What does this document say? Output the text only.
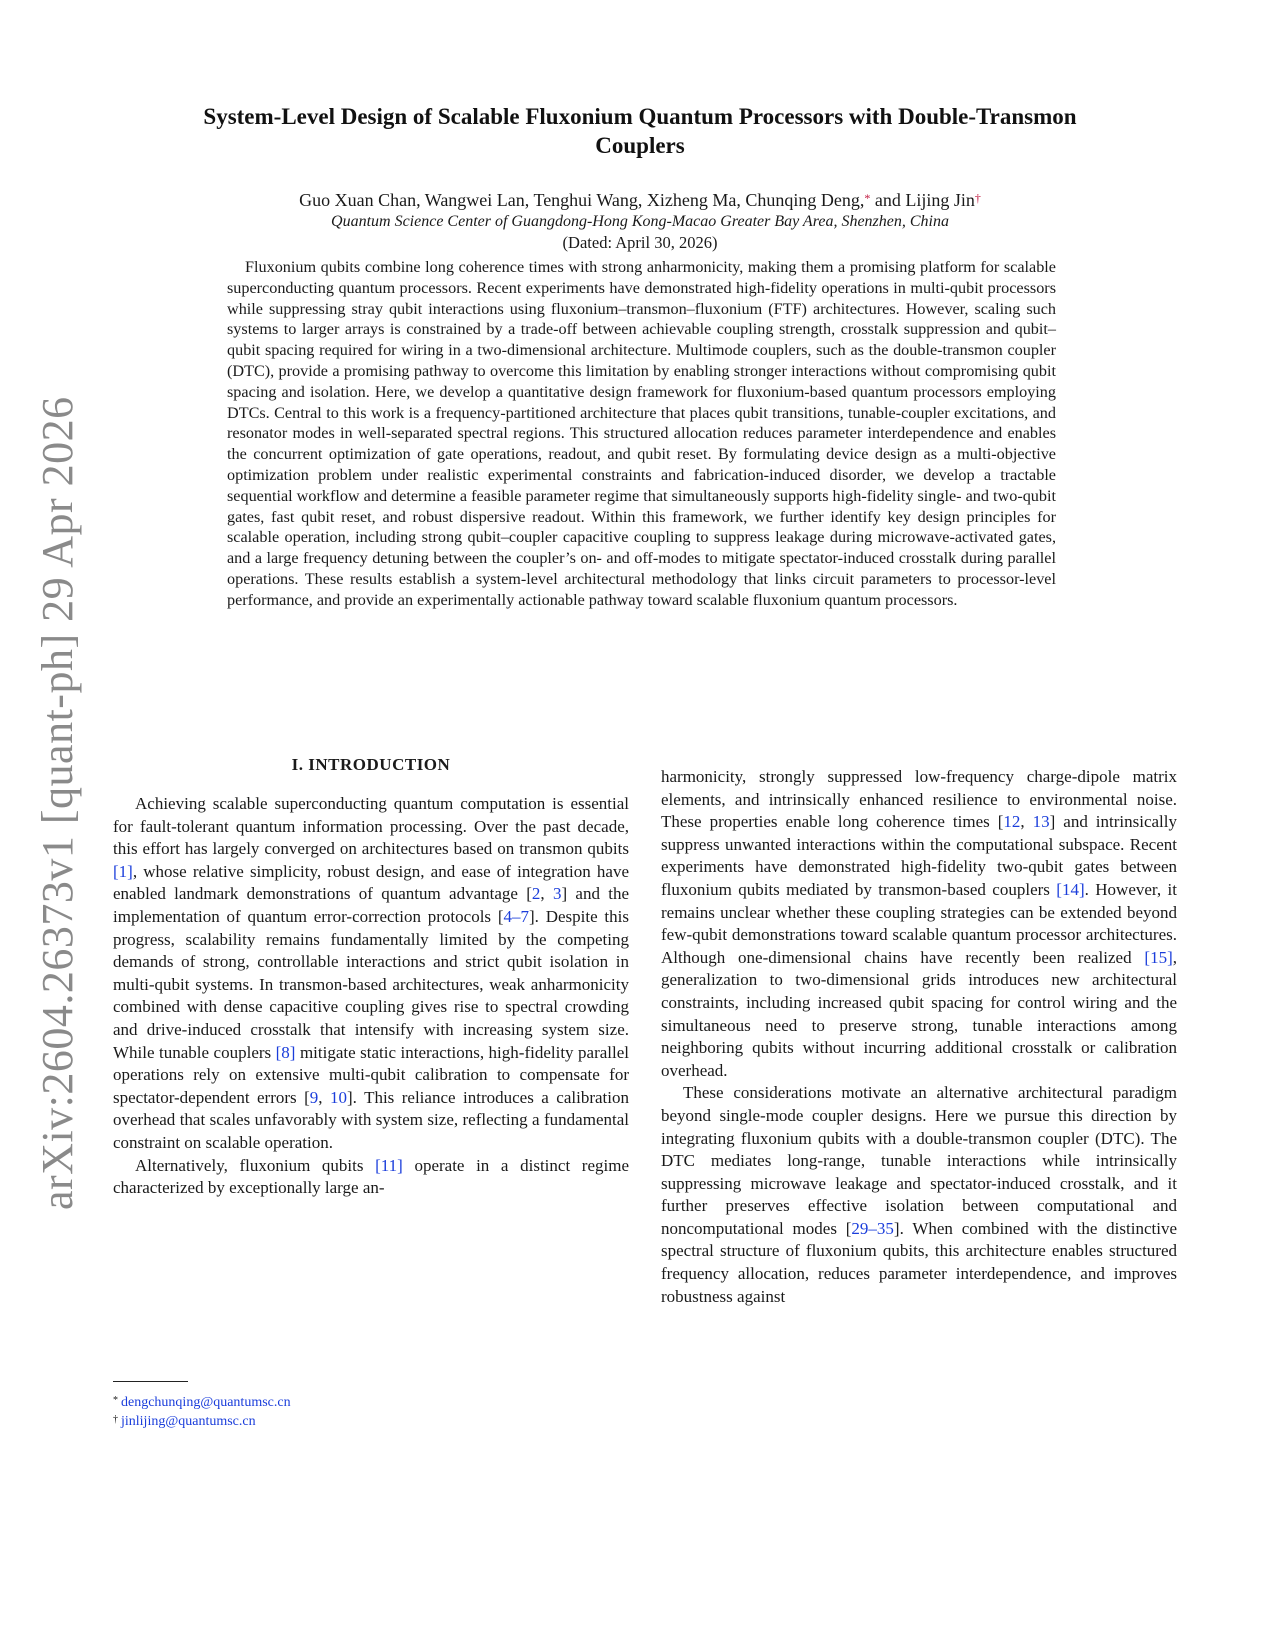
arXiv:2604.26373v1 [quant-ph] 29 Apr 2026
System-Level Design of Scalable Fluxonium Quantum Processors with Double-Transmon Couplers
Guo Xuan Chan, Wangwei Lan, Tenghui Wang, Xizheng Ma, Chunqing Deng,* and Lijing Jin†
Quantum Science Center of Guangdong-Hong Kong-Macao Greater Bay Area, Shenzhen, China
(Dated: April 30, 2026)
Fluxonium qubits combine long coherence times with strong anharmonicity, making them a promising platform for scalable superconducting quantum processors. Recent experiments have demonstrated high-fidelity operations in multi-qubit processors while suppressing stray qubit interactions using fluxonium–transmon–fluxonium (FTF) architectures. However, scaling such systems to larger arrays is constrained by a trade-off between achievable coupling strength, crosstalk suppression and qubit–qubit spacing required for wiring in a two-dimensional architecture. Multimode couplers, such as the double-transmon coupler (DTC), provide a promising pathway to overcome this limitation by enabling stronger interactions without compromising qubit spacing and isolation. Here, we develop a quantitative design framework for fluxonium-based quantum processors employing DTCs. Central to this work is a frequency-partitioned architecture that places qubit transitions, tunable-coupler excitations, and resonator modes in well-separated spectral regions. This structured allocation reduces parameter interdependence and enables the concurrent optimization of gate operations, readout, and qubit reset. By formulating device design as a multi-objective optimization problem under realistic experimental constraints and fabrication-induced disorder, we develop a tractable sequential workflow and determine a feasible parameter regime that simultaneously supports high-fidelity single- and two-qubit gates, fast qubit reset, and robust dispersive readout. Within this framework, we further identify key design principles for scalable operation, including strong qubit–coupler capacitive coupling to suppress leakage during microwave-activated gates, and a large frequency detuning between the coupler’s on- and off-modes to mitigate spectator-induced crosstalk during parallel operations. These results establish a system-level architectural methodology that links circuit parameters to processor-level performance, and provide an experimentally actionable pathway toward scalable fluxonium quantum processors.
I. INTRODUCTION

Achieving scalable superconducting quantum computation is essential for fault-tolerant quantum information processing. Over the past decade, this effort has largely converged on architectures based on transmon qubits [1], whose relative simplicity, robust design, and ease of integration have enabled landmark demonstrations of quantum advantage [2, 3] and the implementation of quantum error-correction protocols [4–7]. Despite this progress, scalability remains fundamentally limited by the competing demands of strong, controllable interactions and strict qubit isolation in multi-qubit systems. In transmon-based architectures, weak anharmonicity combined with dense capacitive coupling gives rise to spectral crowding and drive-induced crosstalk that intensify with increasing system size. While tunable couplers [8] mitigate static interactions, high-fidelity parallel operations rely on extensive multi-qubit calibration to compensate for spectator-dependent errors [9, 10]. This reliance introduces a calibration overhead that scales unfavorably with system size, reflecting a fundamental constraint on scalable operation.

Alternatively, fluxonium qubits [11] operate in a distinct regime characterized by exceptionally large an-

harmonicity, strongly suppressed low-frequency charge-dipole matrix elements, and intrinsically enhanced resilience to environmental noise. These properties enable long coherence times [12, 13] and intrinsically suppress unwanted interactions within the computational subspace. Recent experiments have demonstrated high-fidelity two-qubit gates between fluxonium qubits mediated by transmon-based couplers [14]. However, it remains unclear whether these coupling strategies can be extended beyond few-qubit demonstrations toward scalable quantum processor architectures. Although one-dimensional chains have recently been realized [15], generalization to two-dimensional grids introduces new architectural constraints, including increased qubit spacing for control wiring and the simultaneous need to preserve strong, tunable interactions among neighboring qubits without incurring additional crosstalk or calibration overhead.

These considerations motivate an alternative architectural paradigm beyond single-mode coupler designs. Here we pursue this direction by integrating fluxonium qubits with a double-transmon coupler (DTC). The DTC mediates long-range, tunable interactions while intrinsically suppressing microwave leakage and spectator-induced crosstalk, and it further preserves effective isolation between computational and noncomputational modes [29–35]. When combined with the distinctive spectral structure of fluxonium qubits, this architecture enables structured frequency allocation, reduces parameter interdependence, and improves robustness against

* dengchunqing@quantumsc.cn
† jinlijing@quantumsc.cn
